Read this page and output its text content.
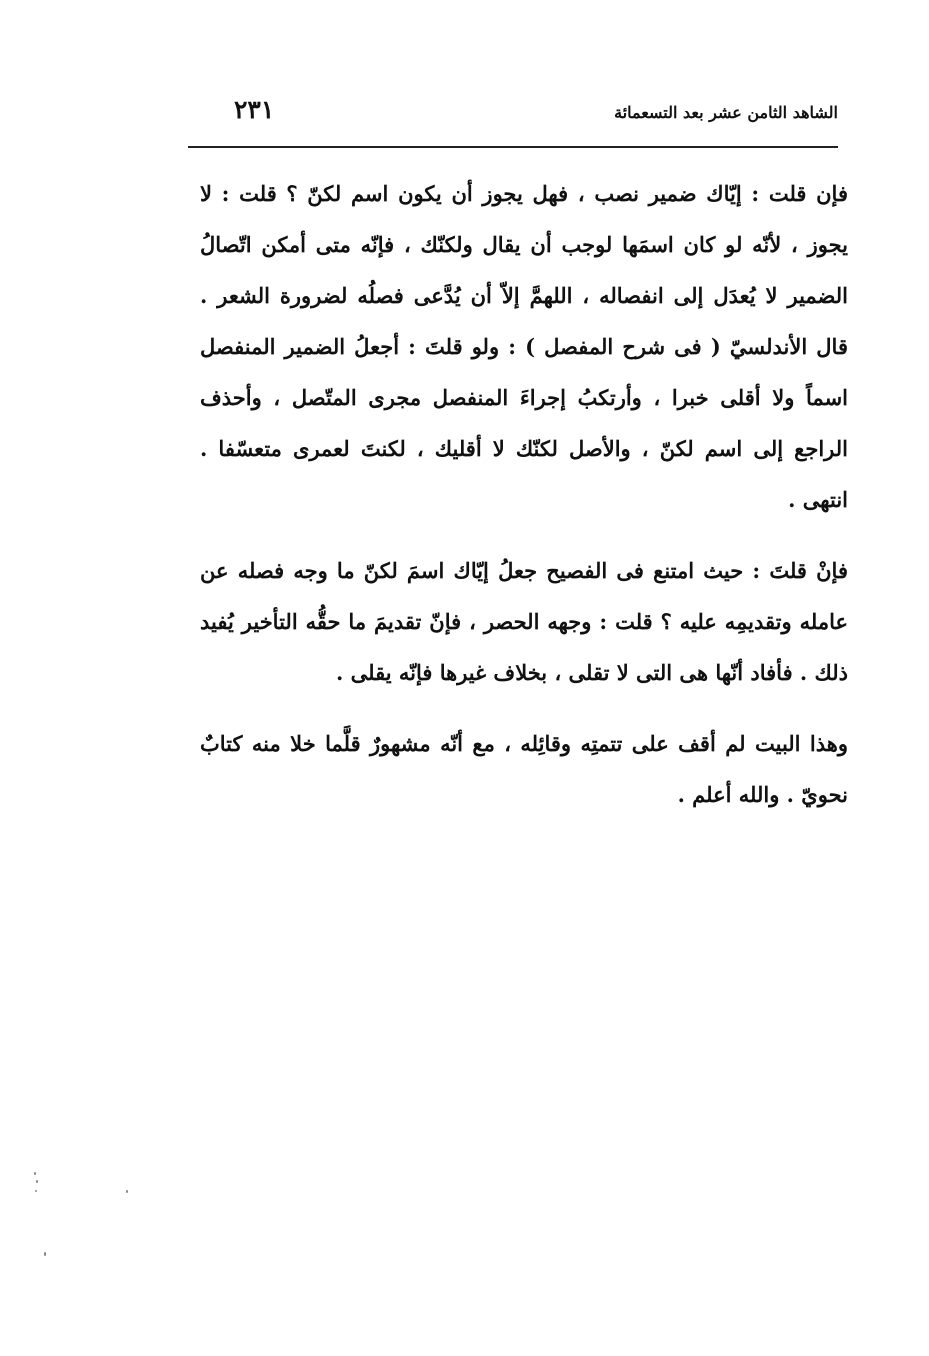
الشاهد الثامن عشر بعد التسعمائة
٢٣١

فإن قلت : إيّاك ضمير نصب ، فهل يجوز أن يكون اسم لكنّ ؟ قلت : لا يجوز ، لأنّه لو كان اسمَها لوجب أن يقال ولكنّك ، فإنّه متى أمكن اتّصالُ الضمير لا يُعدَل إلى انفصاله ، اللهمَّ إلاّ أن يُدَّعى فصلُه لضرورة الشعر . قال الأندلسيّ ( فى شرح المفصل ) : ولو قلتَ : أجعلُ الضمير المنفصل اسماً ولا أقلى خبرا ، وأرتكبُ إجراءَ المنفصل مجرى المتّصل ، وأحذف الراجع إلى اسم لكنّ ، والأصل لكنّك لا أقليك ، لكنتَ لعمرى متعسّفا . انتهى .

فإنْ قلتَ : حيث امتنع فى الفصيح جعلُ إيّاك اسمَ لكنّ ما وجه فصله عن عامله وتقديمِه عليه ؟ قلت : وجهه الحصر ، فإنّ تقديمَ ما حقُّه التأخير يُفيد ذلك . فأفاد أنّها هى التى لا تقلى ، بخلاف غيرها فإنّه يقلى .

وهذا البيت لم أقف على تتمتِه وقائِله ، مع أنّه مشهورٌ قلَّما خلا منه كتابٌ نحويّ . والله أعلم .
